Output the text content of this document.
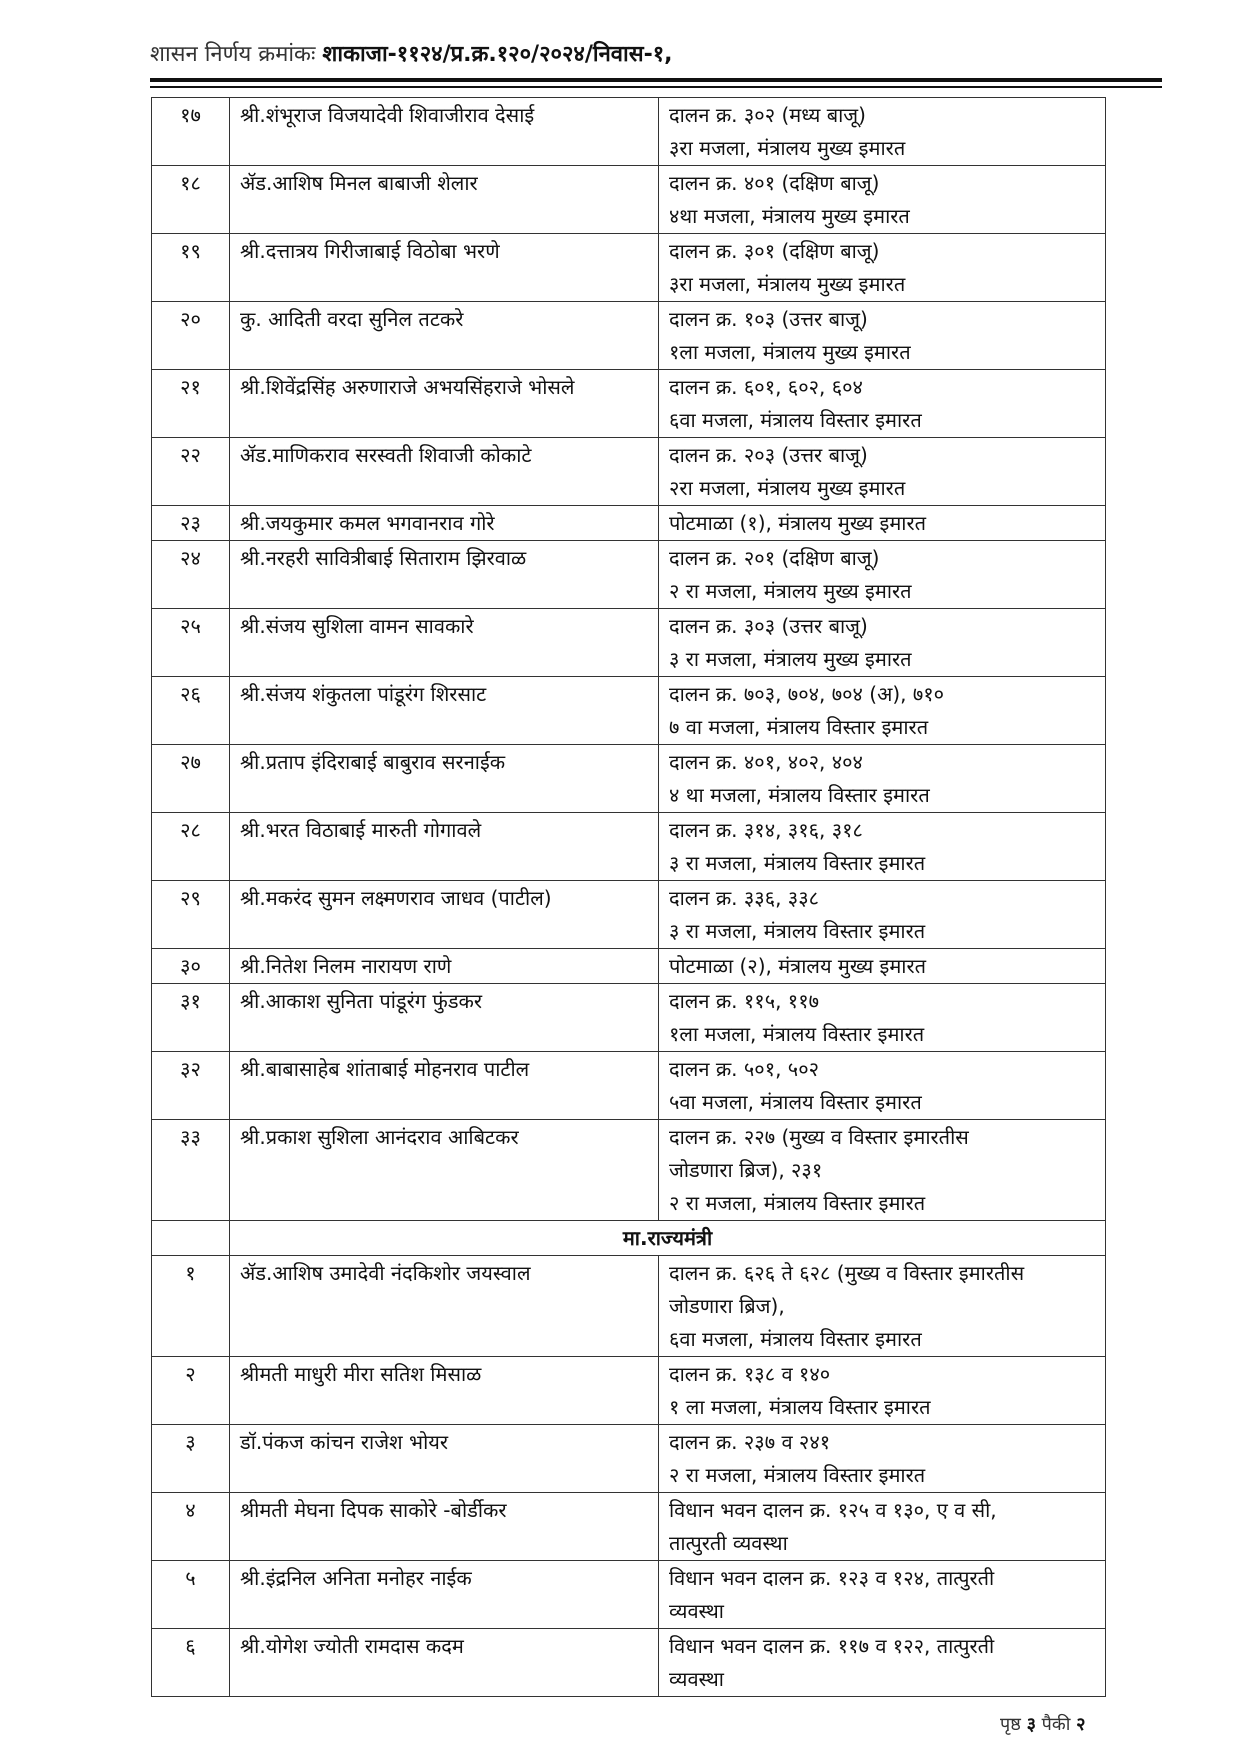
शासन निर्णय क्रमांकः शाकाजा-११२४/प्र.क्र.१२०/२०२४/निवास-१,
१७	श्री.शंभूराज विजयादेवी शिवाजीराव देसाई	दालन क्र. ३०२ (मध्य बाजू)
३रा मजला, मंत्रालय मुख्य इमारत

१८	ॲड.आशिष मिनल बाबाजी शेलार	दालन क्र. ४०१ (दक्षिण बाजू)
४था मजला, मंत्रालय मुख्य इमारत

१९	श्री.दत्तात्रय गिरीजाबाई विठोबा भरणे	दालन क्र. ३०१ (दक्षिण बाजू)
३रा मजला, मंत्रालय मुख्य इमारत

२०	कु. आदिती वरदा सुनिल तटकरे	दालन क्र. १०३ (उत्तर बाजू)
१ला मजला, मंत्रालय मुख्य इमारत

२१	श्री.शिवेंद्रसिंह अरुणाराजे अभयसिंहराजे भोसले	दालन क्र. ६०१, ६०२, ६०४
६वा मजला, मंत्रालय विस्तार इमारत

२२	ॲड.माणिकराव सरस्वती शिवाजी कोकाटे	दालन क्र. २०३ (उत्तर बाजू)
२रा मजला, मंत्रालय मुख्य इमारत

२३	श्री.जयकुमार कमल भगवानराव गोरे	पोटमाळा (१), मंत्रालय मुख्य इमारत

२४	श्री.नरहरी सावित्रीबाई सिताराम झिरवाळ	दालन क्र. २०१ (दक्षिण बाजू)
२ रा मजला, मंत्रालय मुख्य इमारत

२५	श्री.संजय सुशिला वामन सावकारे	दालन क्र. ३०३ (उत्तर बाजू)
३ रा मजला, मंत्रालय मुख्य इमारत

२६	श्री.संजय शंकुतला पांडूरंग शिरसाट	दालन क्र. ७०३, ७०४, ७०४ (अ), ७१०
७ वा मजला, मंत्रालय विस्तार इमारत

२७	श्री.प्रताप इंदिराबाई बाबुराव सरनाईक	दालन क्र. ४०१, ४०२, ४०४
४ था मजला, मंत्रालय विस्तार इमारत

२८	श्री.भरत विठाबाई मारुती गोगावले	दालन क्र. ३१४, ३१६, ३१८
३ रा मजला, मंत्रालय विस्तार इमारत

२९	श्री.मकरंद सुमन लक्ष्मणराव जाधव (पाटील)	दालन क्र. ३३६, ३३८
३ रा मजला, मंत्रालय विस्तार इमारत

३०	श्री.नितेश निलम नारायण राणे	पोटमाळा (२), मंत्रालय मुख्य इमारत

३१	श्री.आकाश सुनिता पांडूरंग फुंडकर	दालन क्र. ११५, ११७
१ला मजला, मंत्रालय विस्तार इमारत

३२	श्री.बाबासाहेब शांताबाई मोहनराव पाटील	दालन क्र. ५०१, ५०२
५वा मजला, मंत्रालय विस्तार इमारत

३३	श्री.प्रकाश सुशिला आनंदराव आबिटकर	दालन क्र. २२७ (मुख्य व विस्तार इमारतीस
जोडणारा ब्रिज), २३१
२ रा मजला, मंत्रालय विस्तार इमारत

	मा.राज्यमंत्री	
१	ॲड.आशिष उमादेवी नंदकिशोर जयस्वाल	दालन क्र. ६२६ ते ६२८ (मुख्य व विस्तार इमारतीस
जोडणारा ब्रिज),
६वा मजला, मंत्रालय विस्तार इमारत

२	श्रीमती माधुरी मीरा सतिश मिसाळ	दालन क्र. १३८ व १४०
१ ला मजला, मंत्रालय विस्तार इमारत

३	डॉ.पंकज कांचन राजेश भोयर	दालन क्र. २३७ व २४१
२ रा मजला, मंत्रालय विस्तार इमारत

४	श्रीमती मेघना दिपक साकोरे -बोर्डीकर	विधान भवन दालन क्र. १२५ व १३०, ए व सी,
तात्पुरती व्यवस्था

५	श्री.इंद्रनिल अनिता मनोहर नाईक	विधान भवन दालन क्र. १२३ व १२४, तात्पुरती
व्यवस्था

६	श्री.योगेश ज्योती रामदास कदम	विधान भवन दालन क्र. ११७ व १२२, तात्पुरती
व्यवस्था
पृष्ठ ३ पैकी २
